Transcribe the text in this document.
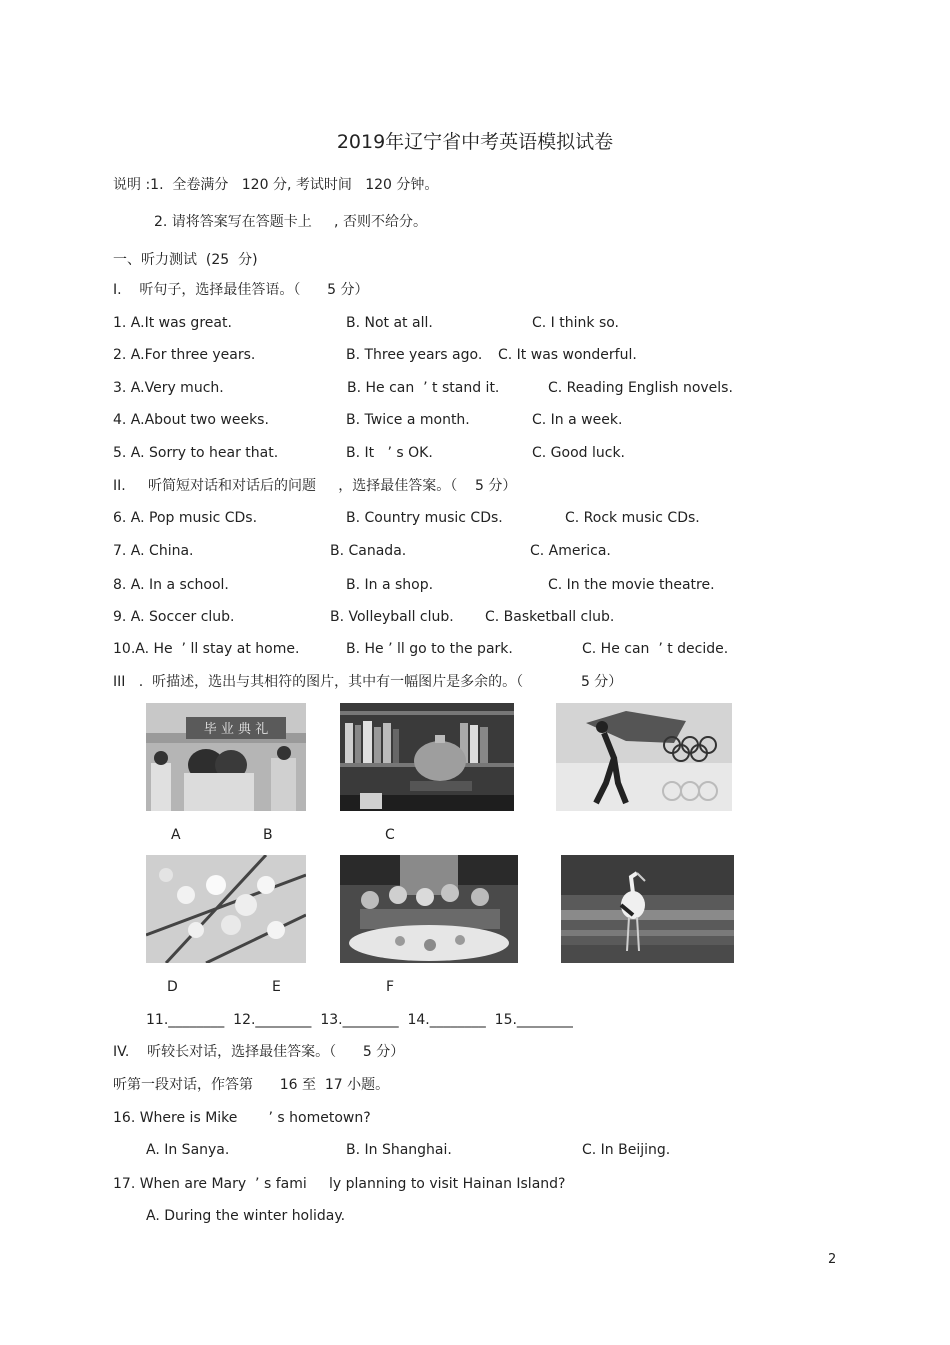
2019年辽宁省中考英语模拟试卷
说明 :1.  全卷满分   120 分, 考试时间   120 分钟。
2. 请将答案写在答题卡上     , 否则不给分。
一、听力测试  (25  分)
I.    听句子，选择最佳答语。（      5 分）
1. A.It was great.	B. Not at all.	C. I think so.
2. A.For three years.	B. Three years ago. C. It was wonderful.
3. A.Very much.	B. He can  ’ t stand it.	C. Reading English novels.
4. A.About two weeks.	B. Twice a month.	C. In a week.
5. A. Sorry to hear that.	B. It   ’ s OK.	C. Good luck.
II.     听简短对话和对话后的问题     ，选择最佳答案。（    5 分）
6. A. Pop music CDs.	B. Country music CDs.	C. Rock music CDs.
7. A. China.	B. Canada.	C. America.
8. A. In a school.	B. In a shop.	C. In the movie theatre.
9. A. Soccer club.	B. Volleyball club. C. Basketball club.
10.A. He  ’ ll stay at home.	B. He ’ ll go to the park.	C. He can  ’ t decide.
III   .  听描述，选出与其相符的图片，其中有一幅图片是多余的。（             5 分）
毕 业 典 礼
A	B	C
D	E	F
11.________  12.________  13.________  14.________  15.________
IV.    听较长对话，选择最佳答案。（      5 分）
听第一段对话，作答第      16 至  17 小题。
16. Where is Mike       ’ s hometown?
A. In Sanya.	B. In Shanghai.	C. In Beijing.
17. When are Mary  ’ s fami     ly planning to visit Hainan Island?
A. During the winter holiday.
2
